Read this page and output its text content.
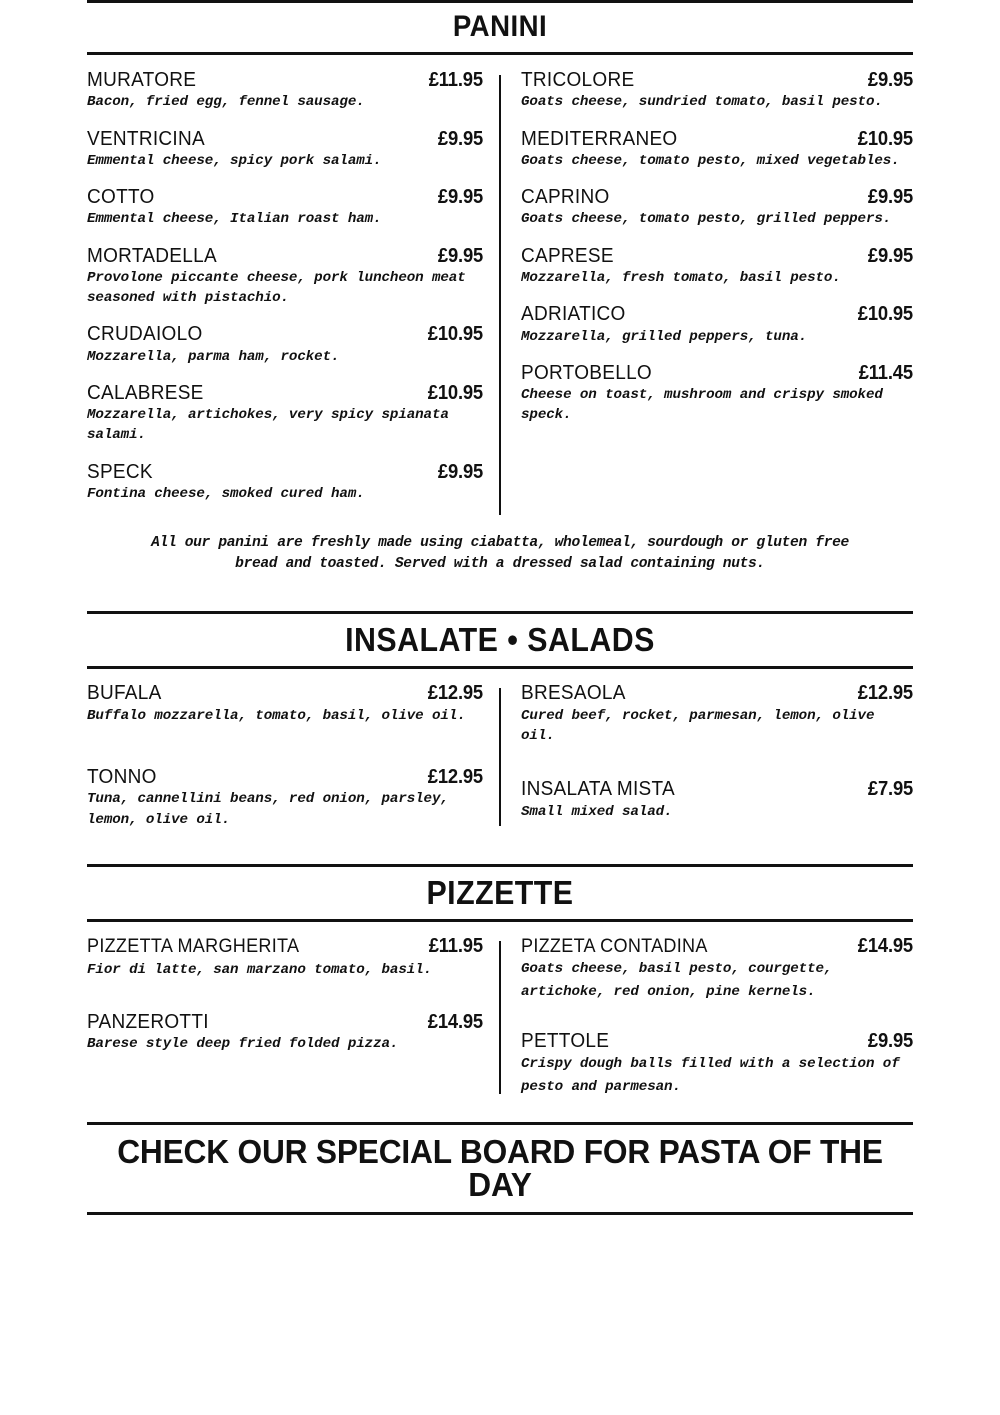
PANINI
MURATORE	£11.95
Bacon, fried egg, fennel sausage.
VENTRICINA	£9.95
Emmental cheese, spicy pork salami.
COTTO	£9.95
Emmental cheese, Italian roast ham.
MORTADELLA	£9.95
Provolone piccante cheese, pork luncheon meat seasoned with pistachio.
CRUDAIOLO	£10.95
Mozzarella, parma ham, rocket.
CALABRESE	£10.95
Mozzarella, artichokes, very spicy spianata salami.
SPECK	£9.95
Fontina cheese, smoked cured ham.
TRICOLORE	£9.95
Goats cheese, sundried tomato, basil pesto.
MEDITERRANEO	£10.95
Goats cheese, tomato pesto, mixed vegetables.
CAPRINO	£9.95
Goats cheese, tomato pesto, grilled peppers.
CAPRESE	£9.95
Mozzarella, fresh tomato, basil pesto.
ADRIATICO	£10.95
Mozzarella, grilled peppers, tuna.
PORTOBELLO	£11.45
Cheese on toast, mushroom and crispy smoked speck.
All our panini are freshly made using ciabatta, wholemeal, sourdough or gluten free
bread and toasted. Served with a dressed salad containing nuts.
INSALATE • SALADS
BUFALA	£12.95
Buffalo mozzarella, tomato, basil, olive oil.
TONNO	£12.95
Tuna, cannellini beans, red onion, parsley, lemon, olive oil.
BRESAOLA	£12.95
Cured beef, rocket, parmesan, lemon, olive oil.
INSALATA MISTA	£7.95
Small mixed salad.
PIZZETTE
PIZZETTA MARGHERITA	£11.95
Fior di latte, san marzano tomato, basil.
PANZEROTTI	£14.95
Barese style deep fried folded pizza.
PIZZETA CONTADINA	£14.95
Goats cheese, basil pesto, courgette, artichoke, red onion, pine kernels.
PETTOLE	£9.95
Crispy dough balls filled with a selection of pesto and parmesan.
CHECK OUR SPECIAL BOARD FOR PASTA OF THE DAY
